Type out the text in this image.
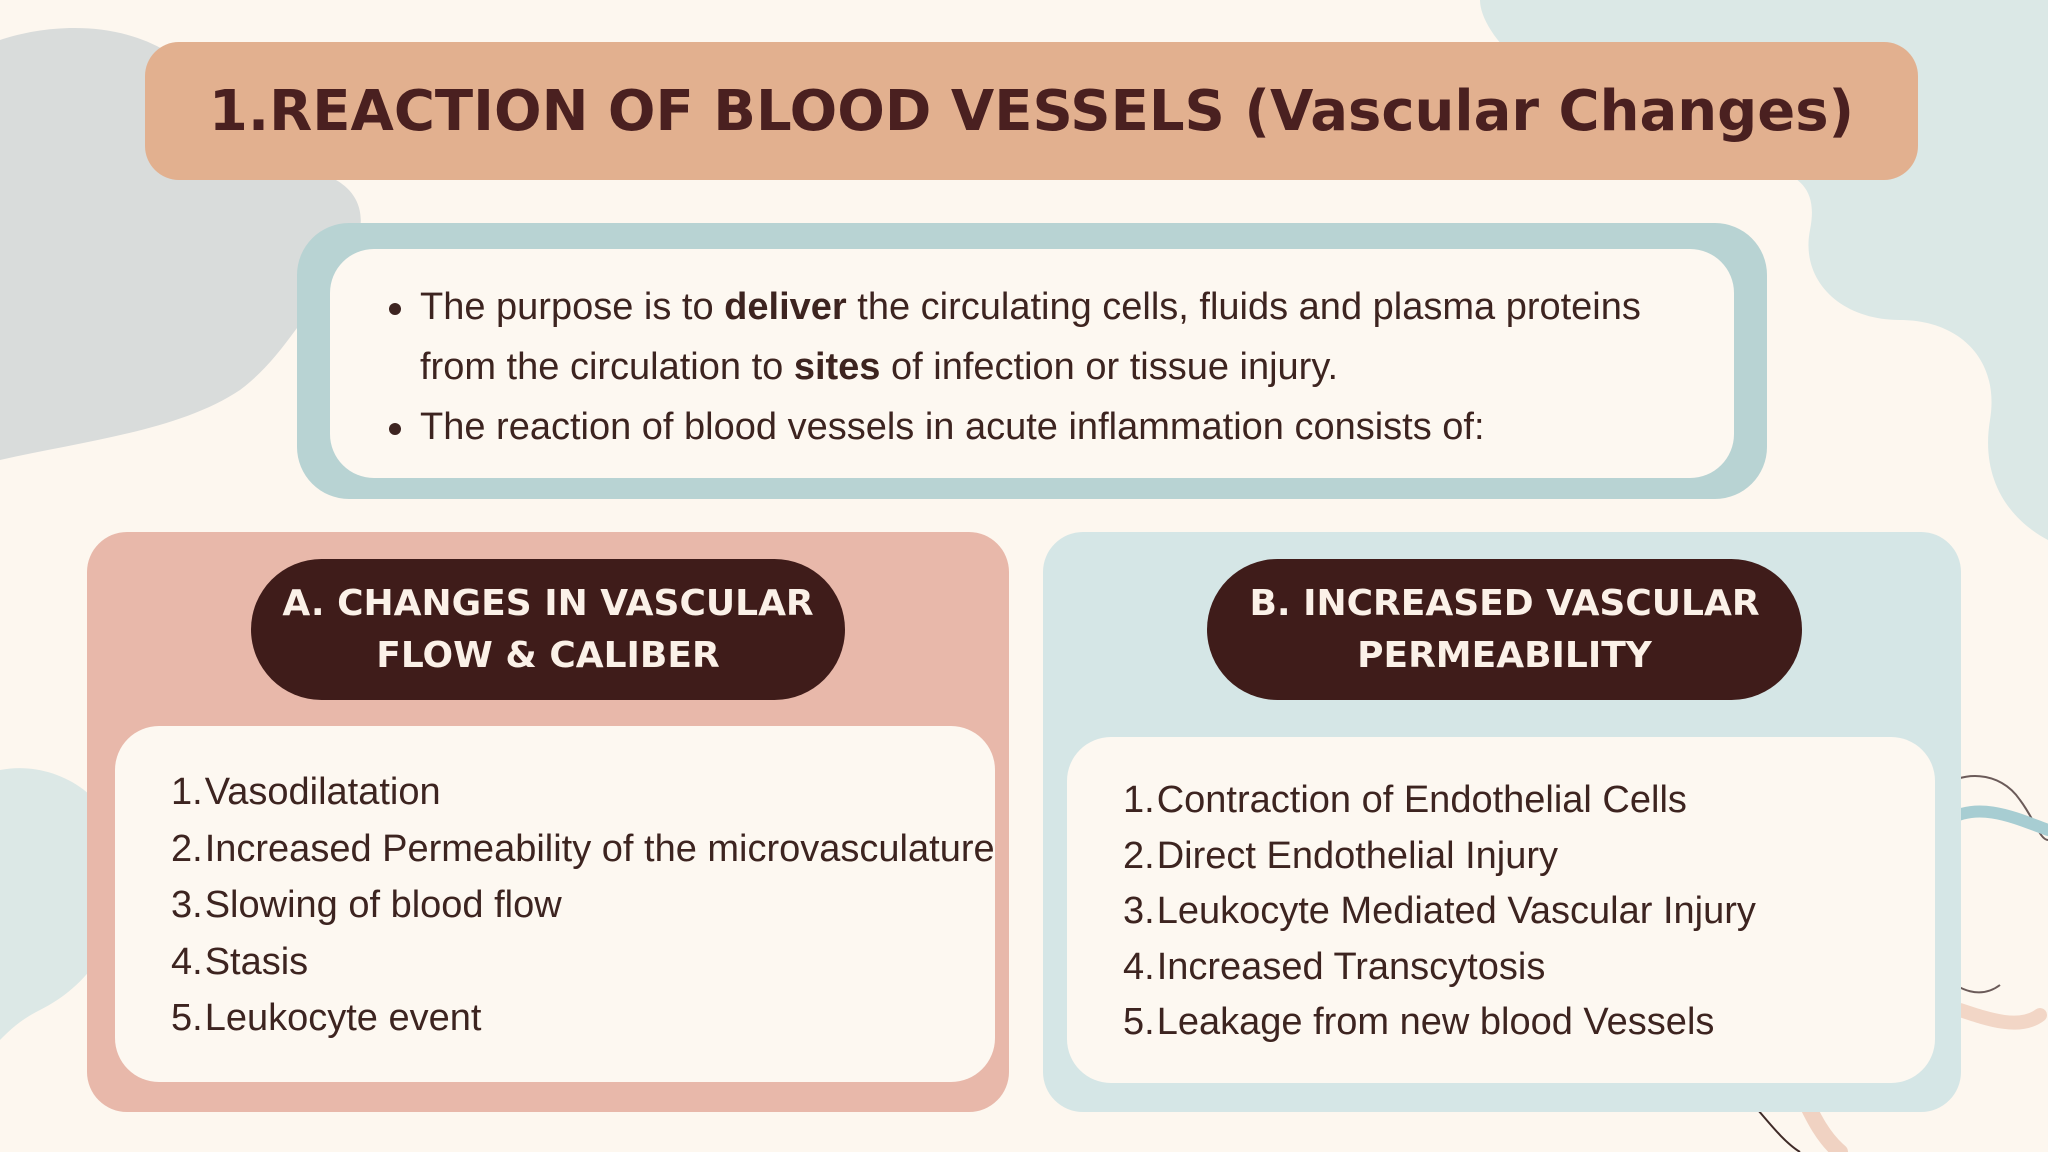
1.REACTION OF BLOOD VESSELS (Vascular Changes)
The purpose is to deliver the circulating cells, fluids and plasma proteins
from the circulation to sites of infection or tissue injury.
The reaction of blood vessels in acute inflammation consists of:
A. CHANGES IN VASCULAR
FLOW & CALIBER
1.Vasodilatation
2.Increased Permeability of the microvasculature
3.Slowing of blood flow
4.Stasis
5.Leukocyte event
B. INCREASED VASCULAR
PERMEABILITY
1.Contraction of Endothelial Cells
2.Direct Endothelial Injury
3.Leukocyte Mediated Vascular Injury
4.Increased Transcytosis
5.Leakage from new blood Vessels
